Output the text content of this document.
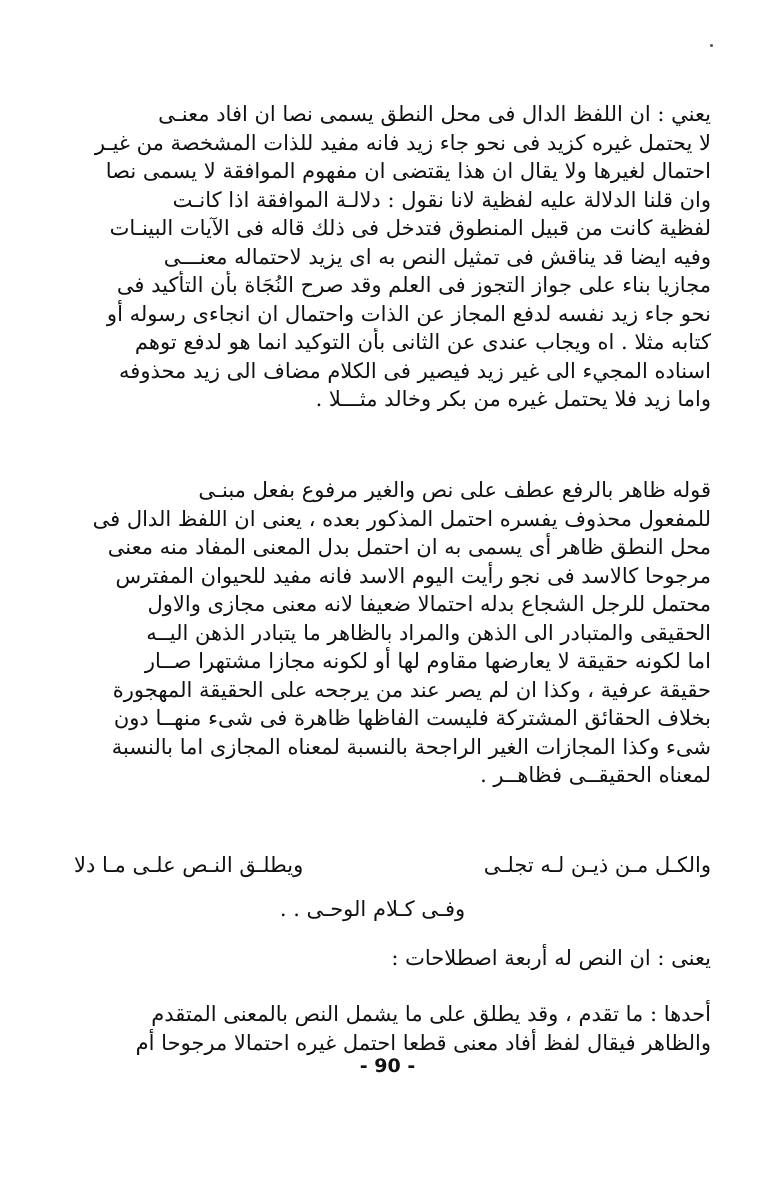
يعني : ان اللفظ الدال فى محل النطق يسمى نصا ان افاد معنـى
لا يحتمل غيره كزيد فى نحو جاء زيد فانه مفيد للذات المشخصة من غيـر
احتمال لغيرها ولا يقال ان هذا يقتضى ان مفهوم الموافقة لا يسمى نصا
وان قلنا الدلالة عليه لفظية لانا نقول : دلالـة الموافقة اذا كانـت
لفظية كانت من قبيل المنطوق فتدخل فى ذلك قاله فى الآيات البينـات
وفيه ايضا قد يناقش فى تمثيل النص به اى يزيد لاحتماله معنـــى
مجازيا بناء على جواز التجوز فى العلم وقد صرح النُجَاة بأن التأكيد فى
نحو جاء زيد نفسه لدفع المجاز عن الذات واحتمال ان انجاءى رسوله أو
كتابه مثلا . اه ويجاب عندى عن الثانى بأن التوكيد انما هو لدفع توهم
اسناده المجيء الى غير زيد فيصير فى الكلام مضاف الى زيد محذوفه
واما زيد فلا يحتمل غيره من بكر وخالد مثـــلا .
قوله ظاهر بالرفع عطف على نص والغير مرفوع بفعل مبنـى
للمفعول محذوف يفسره احتمل المذكور بعده ، يعنى ان اللفظ الدال فى
محل النطق ظاهر أى يسمى به ان احتمل بدل المعنى المفاد منه معنى
مرجوحا كالاسد فى نجو رأيت اليوم الاسد فانه مفيد للحيوان المفترس
محتمل للرجل الشجاع بدله احتمالا ضعيفا لانه معنى مجازى والاول
الحقيقى والمتبادر الى الذهن والمراد بالظاهر ما يتبادر الذهن اليــه
اما لكونه حقيقة لا يعارضها مقاوم لها أو لكونه مجازا مشتهرا صــار
حقيقة عرفية ، وكذا ان لم يصر عند من يرجحه على الحقيقة المهجورة
بخلاف الحقائق المشتركة فليست الفاظها ظاهرة فى شىء منهــا دون
شىء وكذا المجازات الغير الراجحة بالنسبة لمعناه المجازى اما بالنسبة
لمعناه الحقيقــى فظاهــر .
والكـل مـن ذيـن لـه تجلـى
ويطلـق النـص علـى مـا دلا
وفـى كـلام الوحـى . .
يعنى : ان النص له أربعة اصطلاحات :
أحدها : ما تقدم ، وقد يطلق على ما يشمل النص بالمعنى المتقدم
والظاهر فيقال لفظ أفاد معنى قطعا احتمل غيره احتمالا مرجوحا أم
- 90 -
